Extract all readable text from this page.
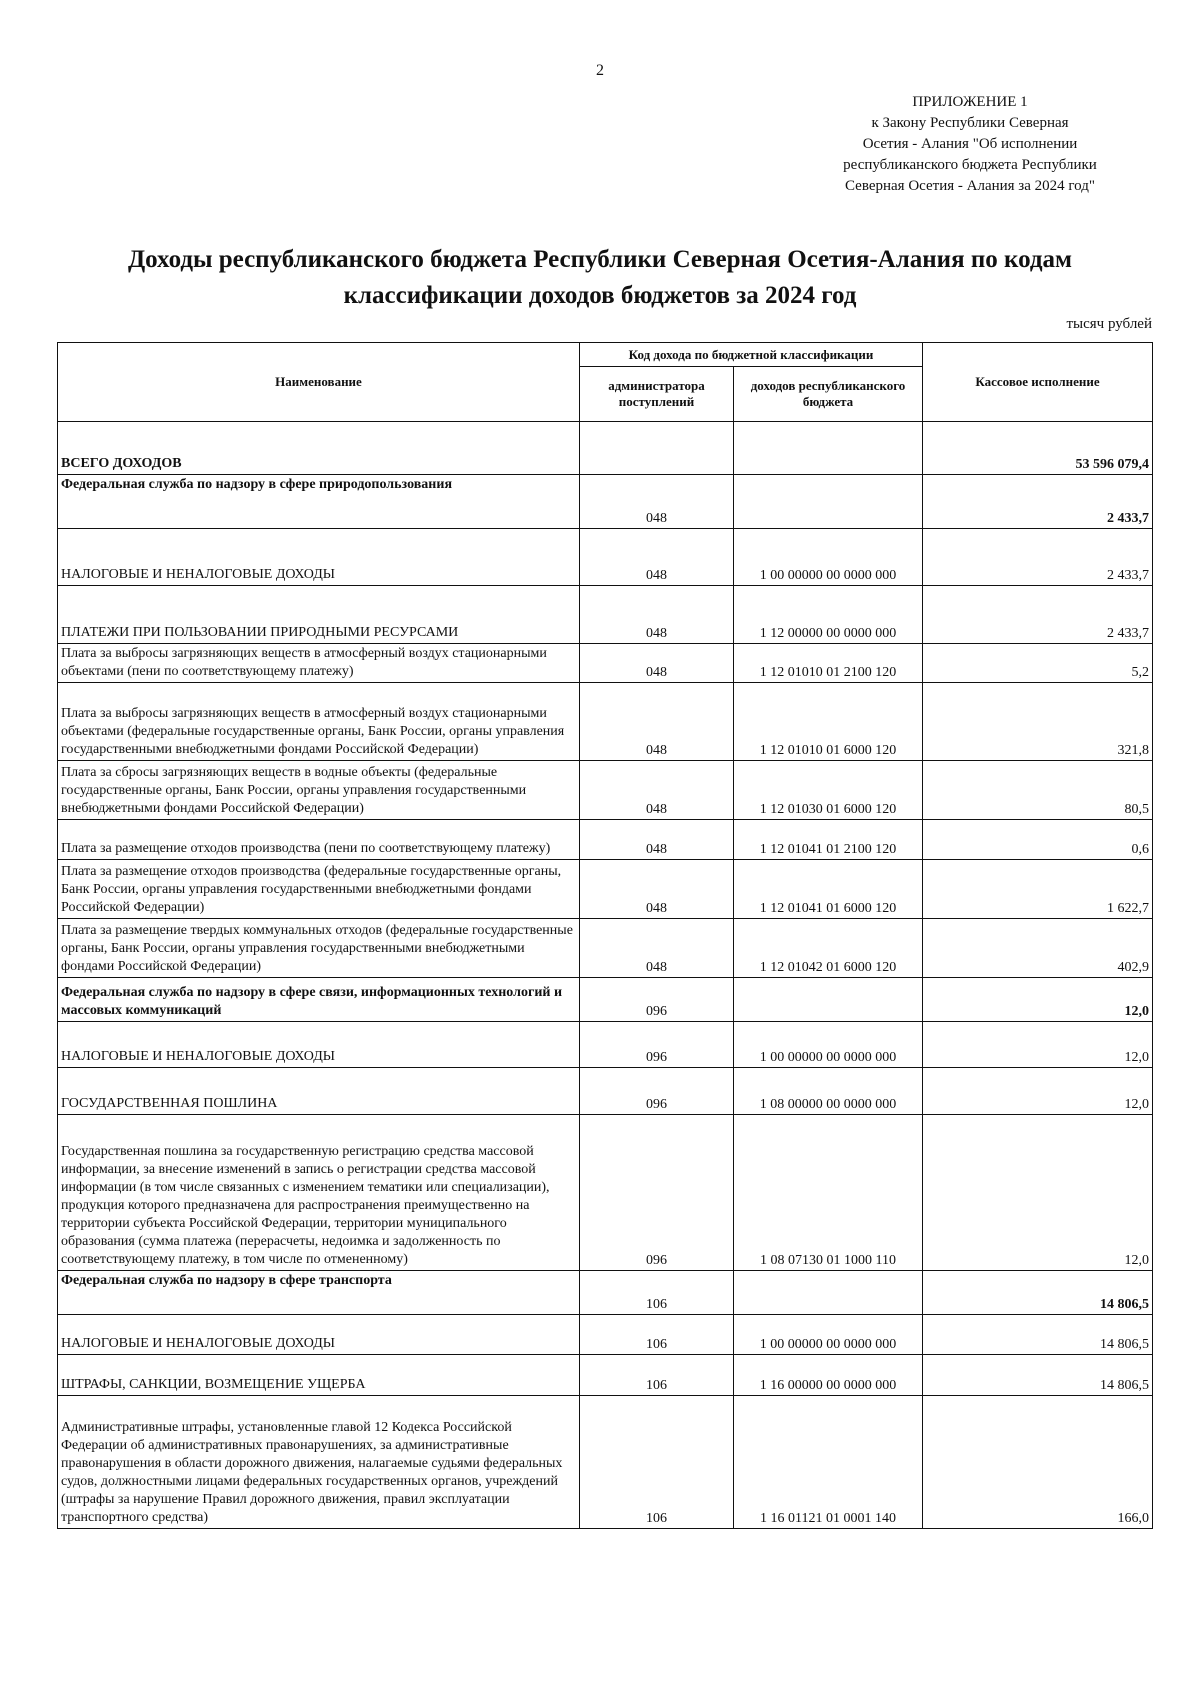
2
ПРИЛОЖЕНИЕ 1
к Закону Республики Северная
Осетия - Алания "Об исполнении
республиканского бюджета Республики
Северная Осетия - Алания за 2024 год"
Доходы республиканского бюджета Республики Северная Осетия-Алания по кодам
классификации доходов бюджетов за 2024 год
тысяч рублей
Наименование	Код дохода по бюджетной классификации		Кассовое исполнение
	администратора поступлений	доходов республиканского бюджета	
ВСЕГО ДОХОДОВ			53 596 079,4
Федеральная служба по надзору в сфере природопользования	048		2 433,7
НАЛОГОВЫЕ И НЕНАЛОГОВЫЕ ДОХОДЫ	048	1 00 00000 00 0000 000	2 433,7
ПЛАТЕЖИ ПРИ ПОЛЬЗОВАНИИ ПРИРОДНЫМИ РЕСУРСАМИ	048	1 12 00000 00 0000 000	2 433,7
Плата за выбросы загрязняющих веществ в атмосферный воздух стационарными объектами (пени по соответствующему платежу)	048	1 12 01010 01 2100 120	5,2
Плата за выбросы загрязняющих веществ в атмосферный воздух стационарными объектами (федеральные государственные органы, Банк России, органы управления государственными внебюджетными фондами Российской Федерации)	048	1 12 01010 01 6000 120	321,8
Плата за сбросы загрязняющих веществ в водные объекты (федеральные государственные органы, Банк России, органы управления государственными внебюджетными фондами Российской Федерации)	048	1 12 01030 01 6000 120	80,5
Плата за размещение отходов производства (пени по соответствующему платежу)	048	1 12 01041 01 2100 120	0,6
Плата за размещение отходов производства (федеральные государственные органы, Банк России, органы управления государственными внебюджетными фондами Российской Федерации)	048	1 12 01041 01 6000 120	1 622,7
Плата за размещение твердых коммунальных отходов (федеральные государственные органы, Банк России, органы управления государственными внебюджетными фондами Российской Федерации)	048	1 12 01042 01 6000 120	402,9
Федеральная служба по надзору в сфере связи, информационных технологий и массовых коммуникаций	096		12,0
НАЛОГОВЫЕ И НЕНАЛОГОВЫЕ ДОХОДЫ	096	1 00 00000 00 0000 000	12,0
ГОСУДАРСТВЕННАЯ ПОШЛИНА	096	1 08 00000 00 0000 000	12,0
Государственная пошлина за государственную регистрацию средства массовой информации, за внесение изменений в запись о регистрации средства массовой информации (в том числе связанных с изменением тематики или специализации), продукция которого предназначена для распространения преимущественно на территории субъекта Российской Федерации, территории муниципального образования (сумма платежа (перерасчеты, недоимка и задолженность по соответствующему платежу, в том числе по отмененному)	096	1 08 07130 01 1000 110	12,0
Федеральная служба по надзору в сфере транспорта	106		14 806,5
НАЛОГОВЫЕ И НЕНАЛОГОВЫЕ ДОХОДЫ	106	1 00 00000 00 0000 000	14 806,5
ШТРАФЫ, САНКЦИИ, ВОЗМЕЩЕНИЕ УЩЕРБА	106	1 16 00000 00 0000 000	14 806,5
Административные штрафы, установленные главой 12 Кодекса Российской Федерации об административных правонарушениях, за административные правонарушения в области дорожного движения, налагаемые судьями федеральных судов, должностными лицами федеральных государственных органов, учреждений (штрафы за нарушение Правил дорожного движения, правил эксплуатации транспортного средства)	106	1 16 01121 01 0001 140	166,0
